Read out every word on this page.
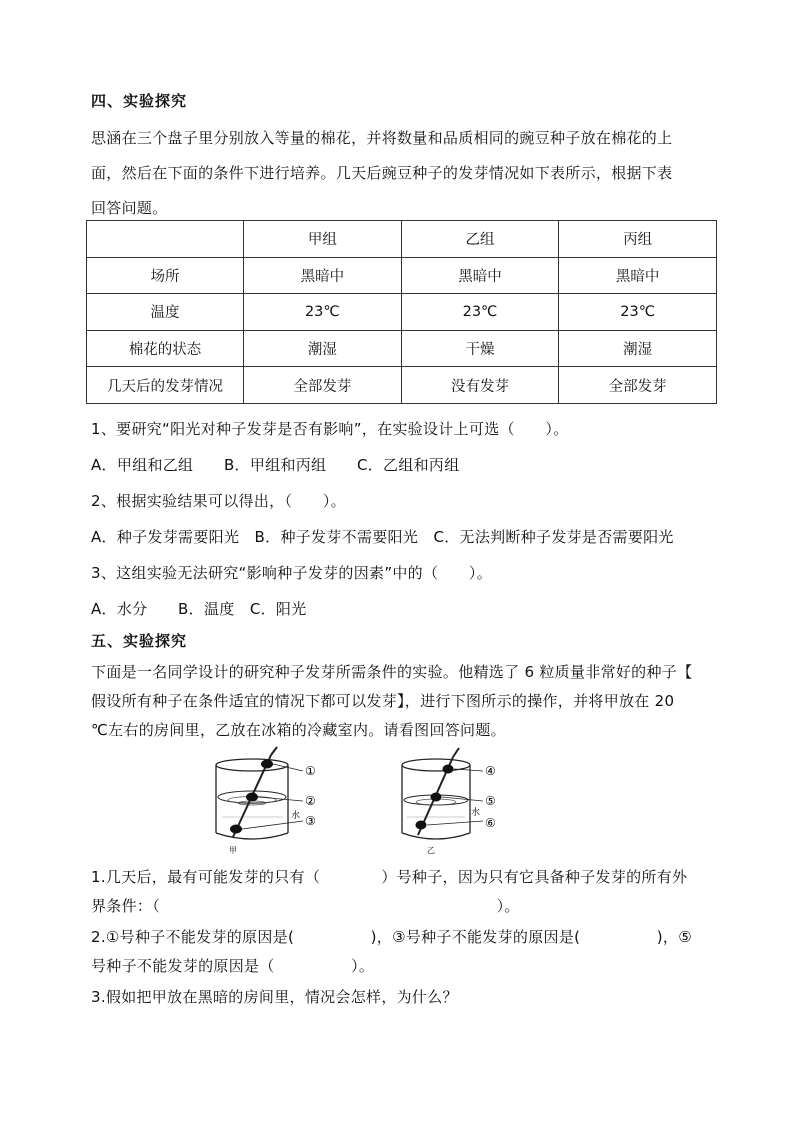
四、实验探究
思涵在三个盘子里分别放入等量的棉花，并将数量和品质相同的豌豆种子放在棉花的上
面，然后在下面的条件下进行培养。几天后豌豆种子的发芽情况如下表所示，根据下表
回答问题。
	甲组	乙组	丙组
场所	黑暗中	黑暗中	黑暗中
温度	23℃	23℃	23℃
棉花的状态	潮湿	干燥	潮湿
几天后的发芽情况	全部发芽	没有发芽	全部发芽
1、要研究“阳光对种子发芽是否有影响”，在实验设计上可选（　　）。
A．甲组和乙组　　B．甲组和丙组　　C．乙组和丙组
2、根据实验结果可以得出，（　　）。
A．种子发芽需要阳光　B．种子发芽不需要阳光　C．无法判断种子发芽是否需要阳光
3、这组实验无法研究“影响种子发芽的因素”中的（　　）。
A．水分　　B．温度　C．阳光
五、实验探究
下面是一名同学设计的研究种子发芽所需条件的实验。他精选了 6 粒质量非常好的种子【
假设所有种子在条件适宜的情况下都可以发芽】，进行下图所示的操作，并将甲放在 20
℃左右的房间里，乙放在冰箱的冷藏室内。请看图回答问题。
①
②
水 ③
甲
④
⑤
水
⑥
乙
1.几天后，最有可能发芽的只有（　　　　）号种子，因为只有它具备种子发芽的所有外
界条件：（　　　　　　　　　　　　　　　　　　　　　　）。
2.①号种子不能发芽的原因是(　　　　　)，③号种子不能发芽的原因是(　　　　　)，⑤
号种子不能发芽的原因是（　　　　　）。
3.假如把甲放在黑暗的房间里，情况会怎样，为什么？
